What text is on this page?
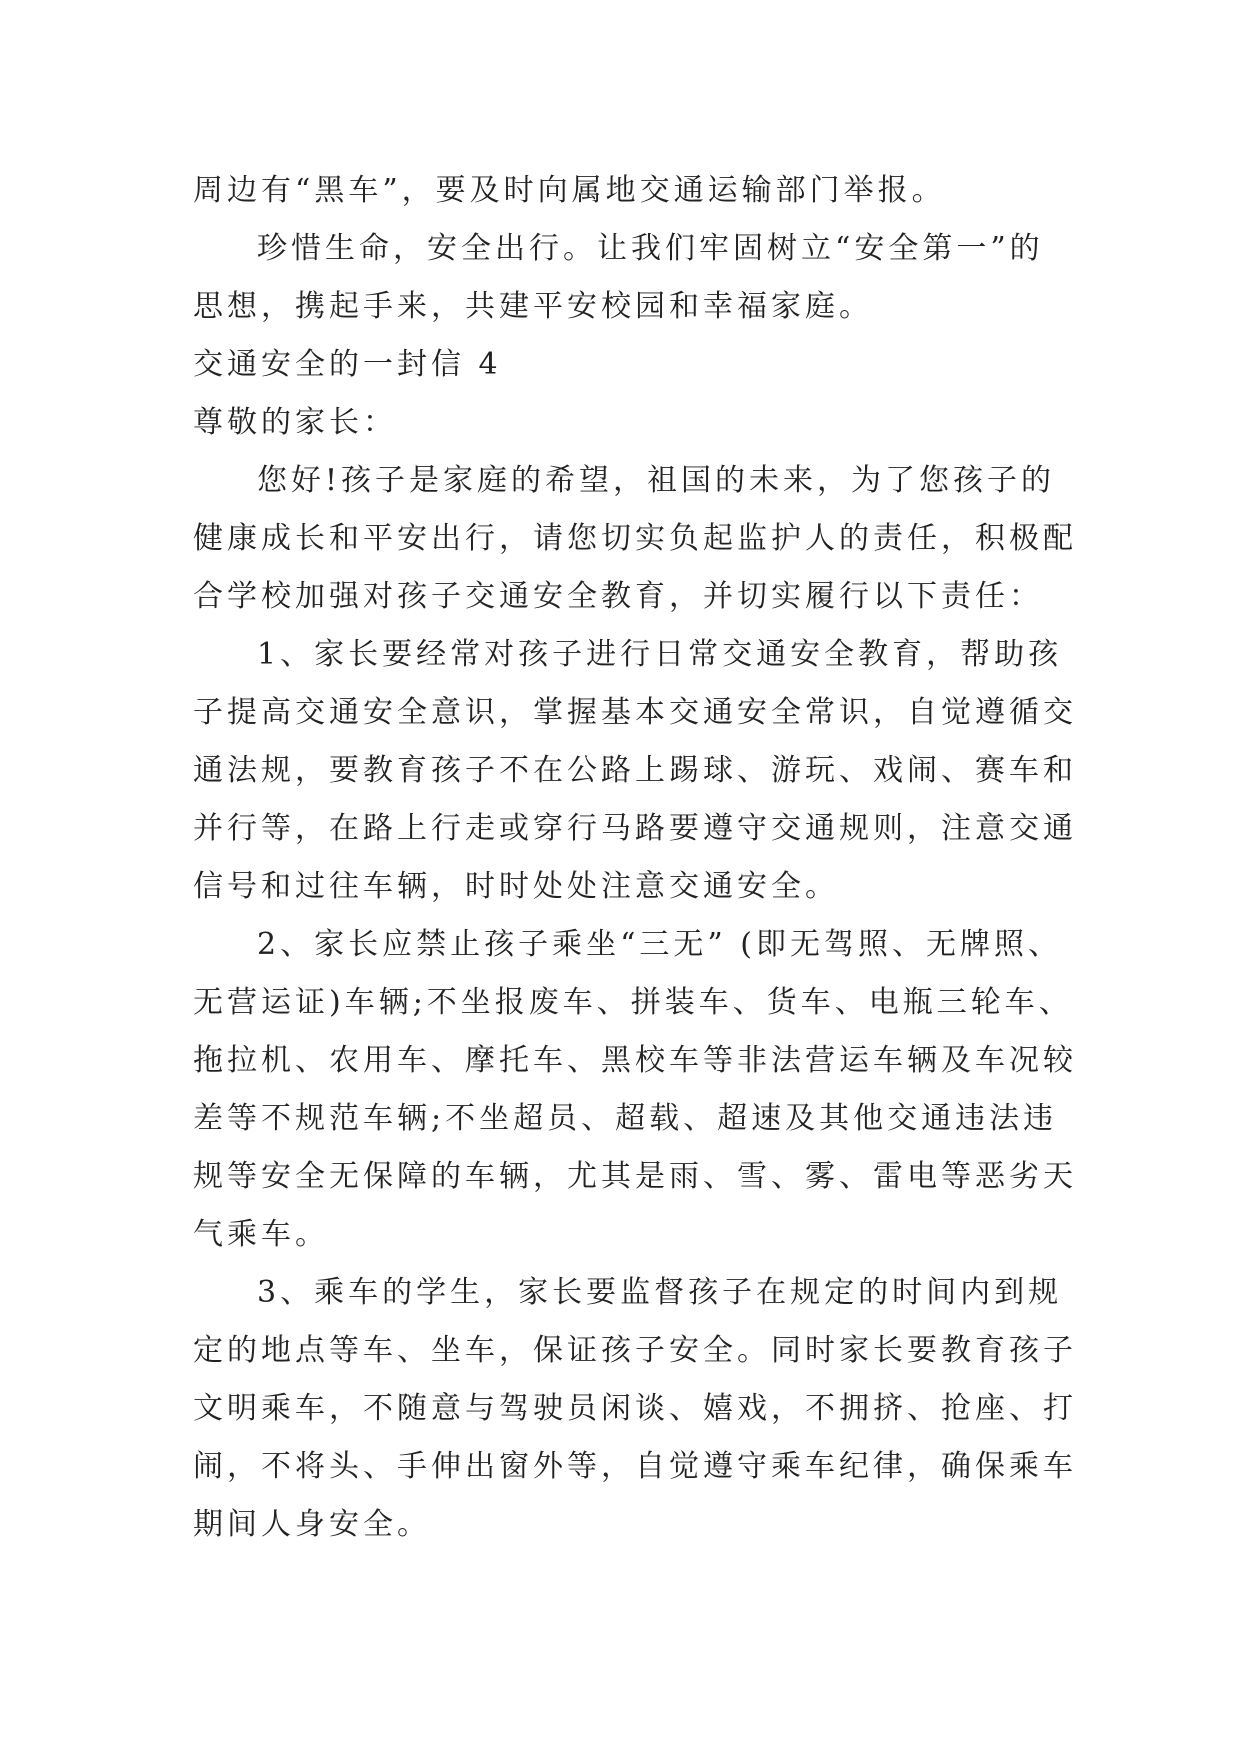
周边有“黑车”，要及时向属地交通运输部门举报。
珍惜生命，安全出行。让我们牢固树立“安全第一”的
思想，携起手来，共建平安校园和幸福家庭。
交通安全的一封信 4
尊敬的家长：
您好!孩子是家庭的希望，祖国的未来，为了您孩子的
健康成长和平安出行，请您切实负起监护人的责任，积极配
合学校加强对孩子交通安全教育，并切实履行以下责任：
1、家长要经常对孩子进行日常交通安全教育，帮助孩
子提高交通安全意识，掌握基本交通安全常识，自觉遵循交
通法规，要教育孩子不在公路上踢球、游玩、戏闹、赛车和
并行等，在路上行走或穿行马路要遵守交通规则，注意交通
信号和过往车辆，时时处处注意交通安全。
2、家长应禁止孩子乘坐“三无” (即无驾照、无牌照、
无营运证)车辆;不坐报废车、拼装车、货车、电瓶三轮车、
拖拉机、农用车、摩托车、黑校车等非法营运车辆及车况较
差等不规范车辆;不坐超员、超载、超速及其他交通违法违
规等安全无保障的车辆，尤其是雨、雪、雾、雷电等恶劣天
气乘车。
3、乘车的学生，家长要监督孩子在规定的时间内到规
定的地点等车、坐车，保证孩子安全。同时家长要教育孩子
文明乘车，不随意与驾驶员闲谈、嬉戏，不拥挤、抢座、打
闹，不将头、手伸出窗外等，自觉遵守乘车纪律，确保乘车
期间人身安全。
